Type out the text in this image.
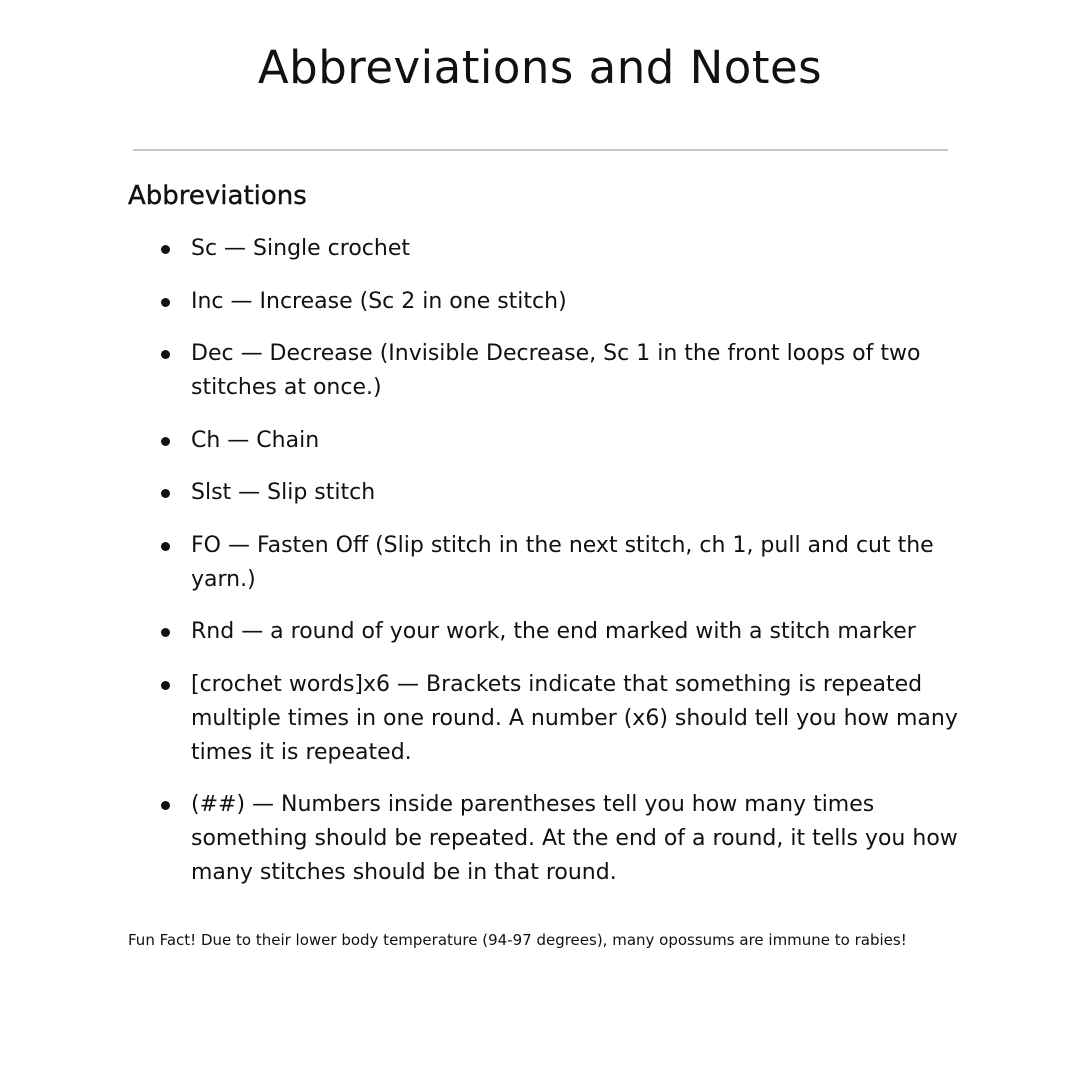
Abbreviations and Notes
Abbreviations
Sc — Single crochet
Inc — Increase (Sc 2 in one stitch)
Dec — Decrease (Invisible Decrease, Sc 1 in the front loops of two stitches at once.)
Ch — Chain
Slst — Slip stitch
FO — Fasten Off (Slip stitch in the next stitch, ch 1, pull and cut the yarn.)
Rnd — a round of your work, the end marked with a stitch marker
[crochet words]x6 — Brackets indicate that something is repeated multiple times in one round. A number (x6) should tell you how many times it is repeated.
(##) — Numbers inside parentheses tell you how many times something should be repeated. At the end of a round, it tells you how many stitches should be in that round.

Fun Fact! Due to their lower body temperature (94-97 degrees), many opossums are immune to rabies!
